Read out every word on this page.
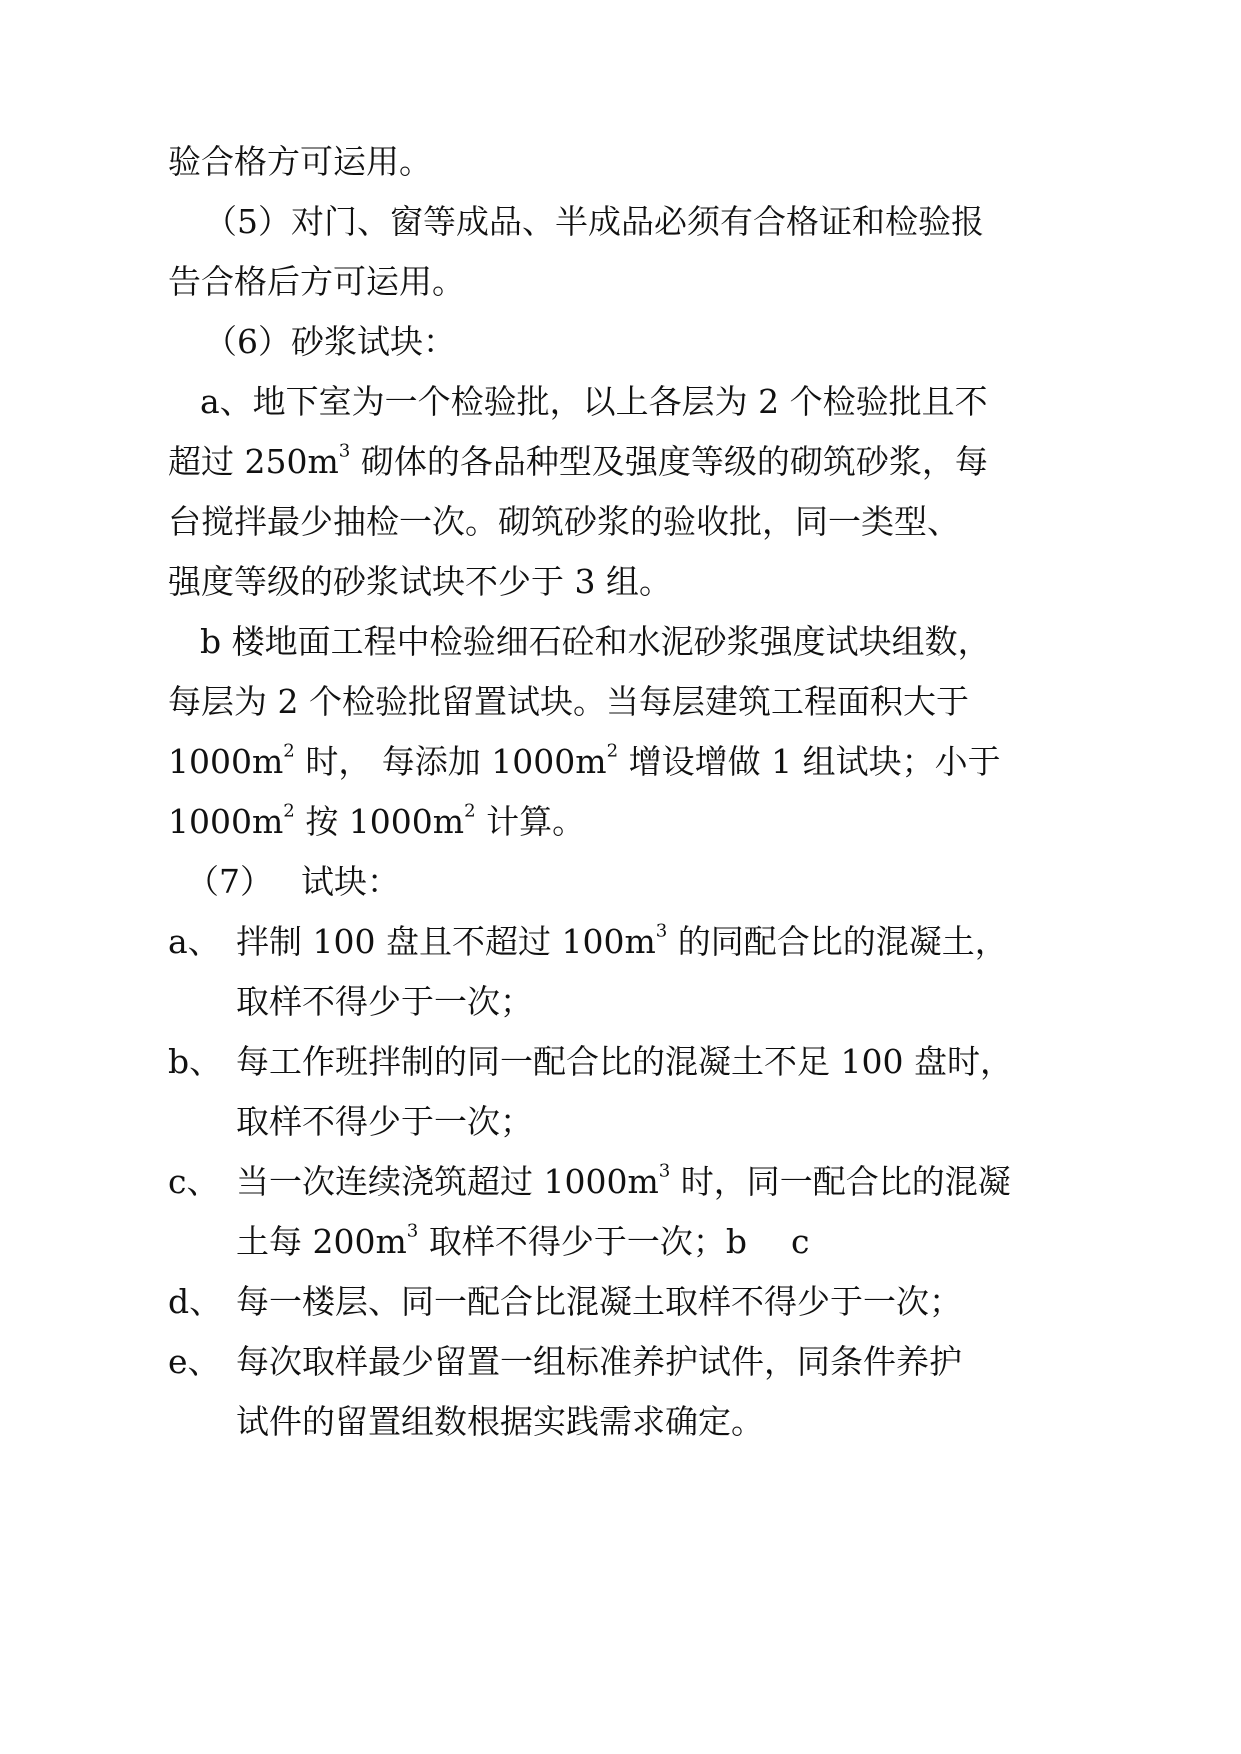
验合格方可运用。
（5）对门、窗等成品、半成品必须有合格证和检验报
告合格后方可运用。
（6）砂浆试块：
a、地下室为一个检验批，以上各层为 2 个检验批且不
超过 $250m^3$ 砌体的各品种型及强度等级的砌筑砂浆，每
台搅拌最少抽检一次。砌筑砂浆的验收批，同一类型、
强度等级的砂浆试块不少于 3 组。
b 楼地面工程中检验细石砼和水泥砂浆强度试块组数，
每层为 2 个检验批留置试块。当每层建筑工程面积大于
$1000m^2$ 时， 每添加 $1000m^2$ 增设增做 1 组试块；小于
$1000m^2$ 按 $1000m^2$ 计算。
（7） 试块：
a、 拌制 100 盘且不超过 $100m^3$ 的同配合比的混凝土，
取样不得少于一次；
b、 每工作班拌制的同一配合比的混凝土不足 100 盘时，
取样不得少于一次；
c、 当一次连续浇筑超过 $1000m^3$ 时，同一配合比的混凝
土每 $200m^3$ 取样不得少于一次；b c
d、 每一楼层、同一配合比混凝土取样不得少于一次；
e、 每次取样最少留置一组标准养护试件，同条件养护
试件的留置组数根据实践需求确定。
